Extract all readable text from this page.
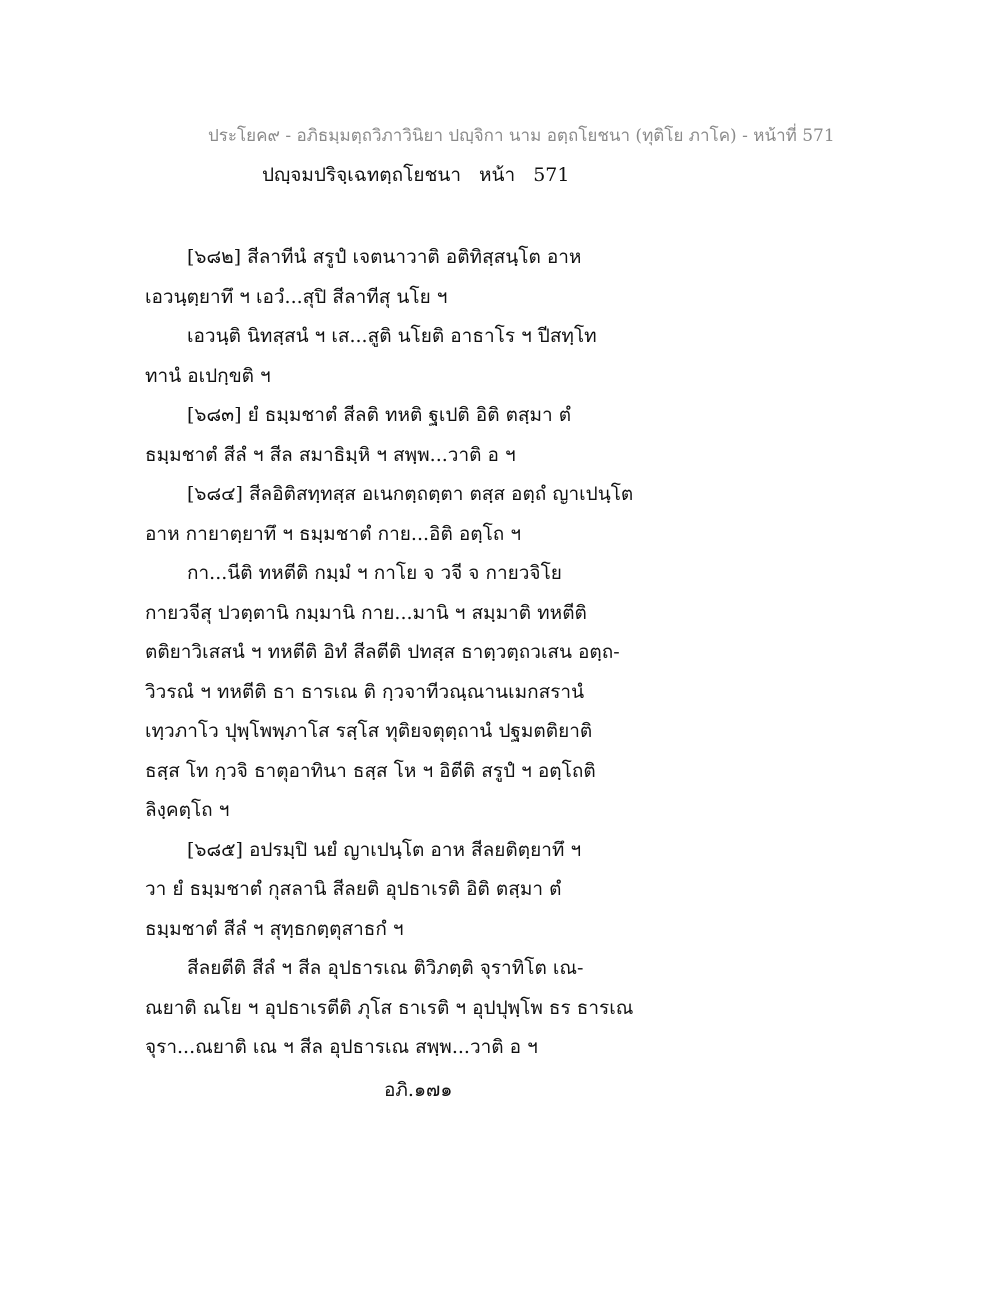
ประโยค๙ - อภิธมฺมตฺถวิภาวินิยา ปญฺจิกา นาม อตฺถโยชนา (ทุติโย ภาโค) - หน้าที่ 571
ปญฺจมปริจฺเฉทตฺถโยชนา หน้า 571
[๖๘๒] สีลาทีนํ สรูปํ เจตนาวาติ อติทิสฺสนฺโต อาห
เอวนฺตฺยาทึ ฯ เอวํ...สุปิ สีลาทีสุ นโย ฯ
เอวนฺติ นิทสฺสนํ ฯ เส...สูติ นโยติ อาธาโร ฯ ปีสทฺโท
ทานํ อเปกฺขติ ฯ
[๖๘๓] ยํ ธมฺมชาตํ สีลติ ทหติ ฐเปติ อิติ ตสฺมา ตํ
ธมฺมชาตํ สีลํ ฯ สีล สมาธิมฺหิ ฯ สพฺพ...วาติ อ ฯ
[๖๘๔] สีลอิติสทฺทสฺส อเนกตฺถตฺตา ตสฺส อตฺถํ ญาเปนฺโต
อาห กายาตฺยาทึ ฯ ธมฺมชาตํ กาย...อิติ อตฺโถ ฯ
กา...นีติ ทหตีติ กมฺมํ ฯ กาโย จ วจี จ กายวจิโย
กายวจีสุ ปวตฺตานิ กมฺมานิ กาย...มานิ ฯ สมฺมาติ ทหตีติ
ตติยาวิเสสนํ ฯ ทหตีติ อิทํ สีลตีติ ปทสฺส ธาตฺวตฺถวเสน อตฺถ-
วิวรณํ ฯ ทหตีติ ธา ธารเณ ติ กฺวจาทีวณฺณานเมกสรานํ
เทฺวภาโว ปุพฺโพพฺภาโส รสฺโส ทุติยจตุตฺถานํ ปฐมตติยาติ
ธสฺส โท กฺวจิ ธาตุอาทินา ธสฺส โห ฯ อิตีติ สรูปํ ฯ อตฺโถติ
ลิงฺคตฺโถ ฯ
[๖๘๕] อปรมฺปิ นยํ ญาเปนฺโต อาห สีลยติตฺยาทึ ฯ
วา ยํ ธมฺมชาตํ กุสลานิ สีลยติ อุปธาเรติ อิติ ตสฺมา ตํ
ธมฺมชาตํ สีลํ ฯ สุทฺธกตฺตุสาธกํ ฯ
สีลยตีติ สีลํ ฯ สีล อุปธารเณ ติวิภตฺติ จุราทิโต เณ-
ณยาติ ณโย ฯ อุปธาเรตีติ ภุโส ธาเรติ ฯ อุปปุพฺโพ ธร ธารเณ
จุรา...ณยาติ เณ ฯ สีล อุปธารเณ สพฺพ...วาติ อ ฯ
อภิ.๑๗๑
